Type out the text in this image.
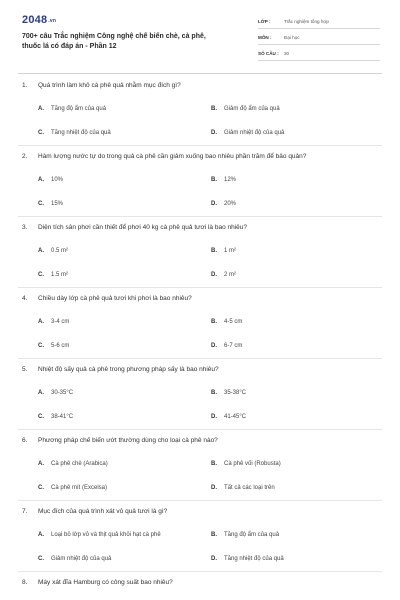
2048.vn
700+ câu Trắc nghiệm Công nghệ chế biến chè, cà phê, thuốc lá có đáp án - Phần 12
LỚP :	Trắc nghiệm tổng hợp
MÔN :	Đại học
SỐ CÂU : 30
1. Quá trình làm khô cà phê quả nhằm mục đích gì?
A. Tăng độ ẩm của quả	B. Giảm độ ẩm của quả
C. Tăng nhiệt độ của quả	D. Giảm nhiệt độ của quả
2. Hàm lượng nước tự do trong quả cà phê cần giảm xuống bao nhiêu phần trăm để bảo quản?
A. 10%	B. 12%
C. 15%	D. 20%
3. Diện tích sân phơi cần thiết để phơi 40 kg cà phê quả tươi là bao nhiêu?
A. 0.5 m²	B. 1 m²
C. 1.5 m²	D. 2 m²
4. Chiều dày lớp cà phê quả tươi khi phơi là bao nhiêu?
A. 3-4 cm	B. 4-5 cm
C. 5-6 cm	D. 6-7 cm
5. Nhiệt độ sấy quả cà phê trong phương pháp sấy là bao nhiêu?
A. 30-35°C	B. 35-38°C
C. 38-41°C	D. 41-45°C
6. Phương pháp chế biến ướt thường dùng cho loại cà phê nào?
A. Cà phê chè (Arabica)	B. Cà phê vối (Robusta)
C. Cà phê mít (Excelsa)	D. Tất cả các loại trên
7. Mục đích của quá trình xát vỏ quả tươi là gì?
A. Loại bỏ lớp vỏ và thịt quả khỏi hạt cà phê	B. Tăng độ ẩm của quả
C. Giảm nhiệt độ của quả	D. Tăng nhiệt độ của quả
8. Máy xát đĩa Hamburg có công suất bao nhiêu?
